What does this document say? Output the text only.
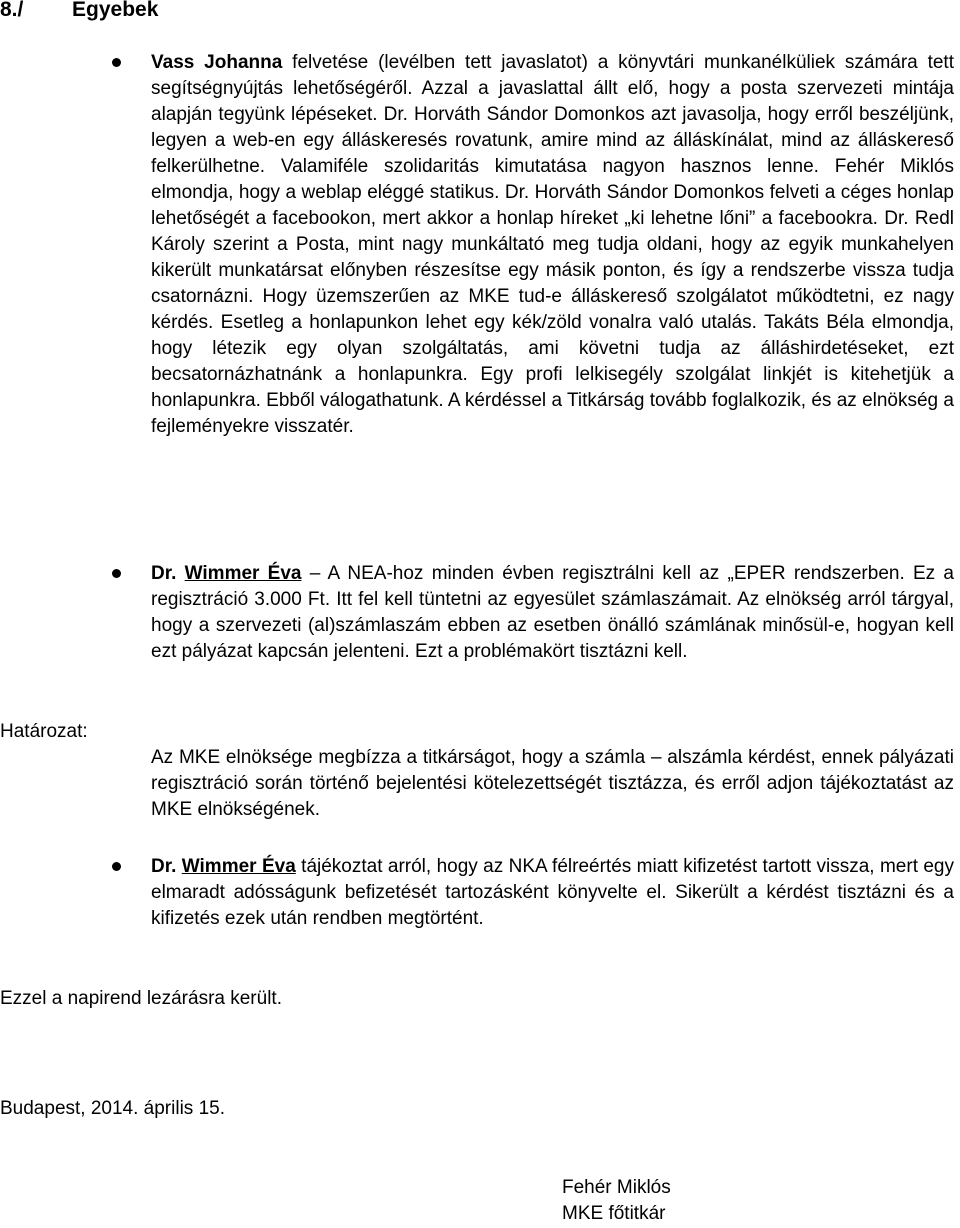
8./ Egyebek

Vass Johanna felvetése (levélben tett javaslatot) a könyvtári munkanélküliek számára tett segítségnyújtás lehetőségéről. Azzal a javaslattal állt elő, hogy a posta szervezeti mintája alapján tegyünk lépéseket. Dr. Horváth Sándor Domonkos azt javasolja, hogy erről beszéljünk, legyen a web-en egy álláskeresés rovatunk, amire mind az álláskínálat, mind az álláskereső felkerülhetne. Valamiféle szolidaritás kimutatása nagyon hasznos lenne. Fehér Miklós elmondja, hogy a weblap eléggé statikus. Dr. Horváth Sándor Domonkos felveti a céges honlap lehetőségét a facebookon, mert akkor a honlap híreket „ki lehetne lőni” a facebookra. Dr. Redl Károly szerint a Posta, mint nagy munkáltató meg tudja oldani, hogy az egyik munkahelyen kikerült munkatársat előnyben részesítse egy másik ponton, és így a rendszerbe vissza tudja csatornázni. Hogy üzemszerűen az MKE tud-e álláskereső szolgálatot működtetni, ez nagy kérdés. Esetleg a honlapunkon lehet egy kék/zöld vonalra való utalás. Takáts Béla elmondja, hogy létezik egy olyan szolgáltatás, ami követni tudja az álláshirdetéseket, ezt becsatornázhatnánk a honlapunkra. Egy profi lelkisegély szolgálat linkjét is kitehetjük a honlapunkra. Ebből válogathatunk. A kérdéssel a Titkárság tovább foglalkozik, és az elnökség a fejleményekre visszatér.

Dr. Wimmer Éva – A NEA-hoz minden évben regisztrálni kell az „EPER rendszerben. Ez a regisztráció 3.000 Ft. Itt fel kell tüntetni az egyesület számlaszámait. Az elnökség arról tárgyal, hogy a szervezeti (al)számlaszám ebben az esetben önálló számlának minősül-e, hogyan kell ezt pályázat kapcsán jelenteni. Ezt a problémakört tisztázni kell.

Határozat:

Az MKE elnöksége megbízza a titkárságot, hogy a számla – alszámla kérdést, ennek pályázati regisztráció során történő bejelentési kötelezettségét tisztázza, és erről adjon tájékoztatást az MKE elnökségének.

Dr. Wimmer Éva tájékoztat arról, hogy az NKA félreértés miatt kifizetést tartott vissza, mert egy elmaradt adósságunk befizetését tartozásként könyvelte el. Sikerült a kérdést tisztázni és a kifizetés ezek után rendben megtörtént.

Ezzel a napirend lezárásra került.
Budapest, 2014. április 15.
Fehér Miklós
MKE főtitkár
